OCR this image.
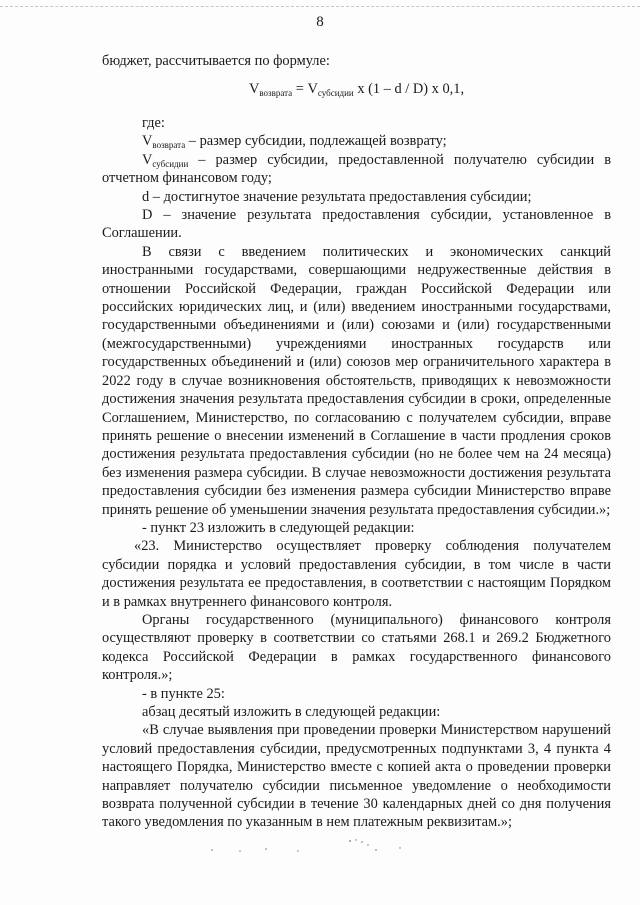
8

бюджет, рассчитывается по формуле:

$V_{возврата} = V_{субсидии}$ x (1 – d / D) x 0,1,

где:

$V_{возврата}$ – размер субсидии, подлежащей возврату;

$V_{субсидии}$ – размер субсидии, предоставленной получателю субсидии в отчетном финансовом году;

d – достигнутое значение результата предоставления субсидии;

D – значение результата предоставления субсидии, установленное в Соглашении.

В связи с введением политических и экономических санкций иностранными государствами, совершающими недружественные действия в отношении Российской Федерации, граждан Российской Федерации или российских юридических лиц, и (или) введением иностранными государствами, государственными объединениями и (или) союзами и (или) государственными (межгосударственными) учреждениями иностранных государств или государственных объединений и (или) союзов мер ограничительного характера в 2022 году в случае возникновения обстоятельств, приводящих к невозможности достижения значения результата предоставления субсидии в сроки, определенные Соглашением, Министерство, по согласованию с получателем субсидии, вправе принять решение о внесении изменений в Соглашение в части продления сроков достижения результата предоставления субсидии (но не более чем на 24 месяца) без изменения размера субсидии. В случае невозможности достижения результата предоставления субсидии без изменения размера субсидии Министерство вправе принять решение об уменьшении значения результата предоставления субсидии.»;

- пункт 23 изложить в следующей редакции:

«23. Министерство осуществляет проверку соблюдения получателем субсидии порядка и условий предоставления субсидии, в том числе в части достижения результата ее предоставления, в соответствии с настоящим Порядком и в рамках внутреннего финансового контроля.

Органы государственного (муниципального) финансового контроля осуществляют проверку в соответствии со статьями 268.1 и 269.2 Бюджетного кодекса Российской Федерации в рамках государственного финансового контроля.»;

- в пункте 25:

абзац десятый изложить в следующей редакции:

«В случае выявления при проведении проверки Министерством нарушений условий предоставления субсидии, предусмотренных подпунктами 3, 4 пункта 4 настоящего Порядка, Министерство вместе с копией акта о проведении проверки направляет получателю субсидии письменное уведомление о необходимости возврата полученной субсидии в течение 30 календарных дней со дня получения такого уведомления по указанным в нем платежным реквизитам.»;
